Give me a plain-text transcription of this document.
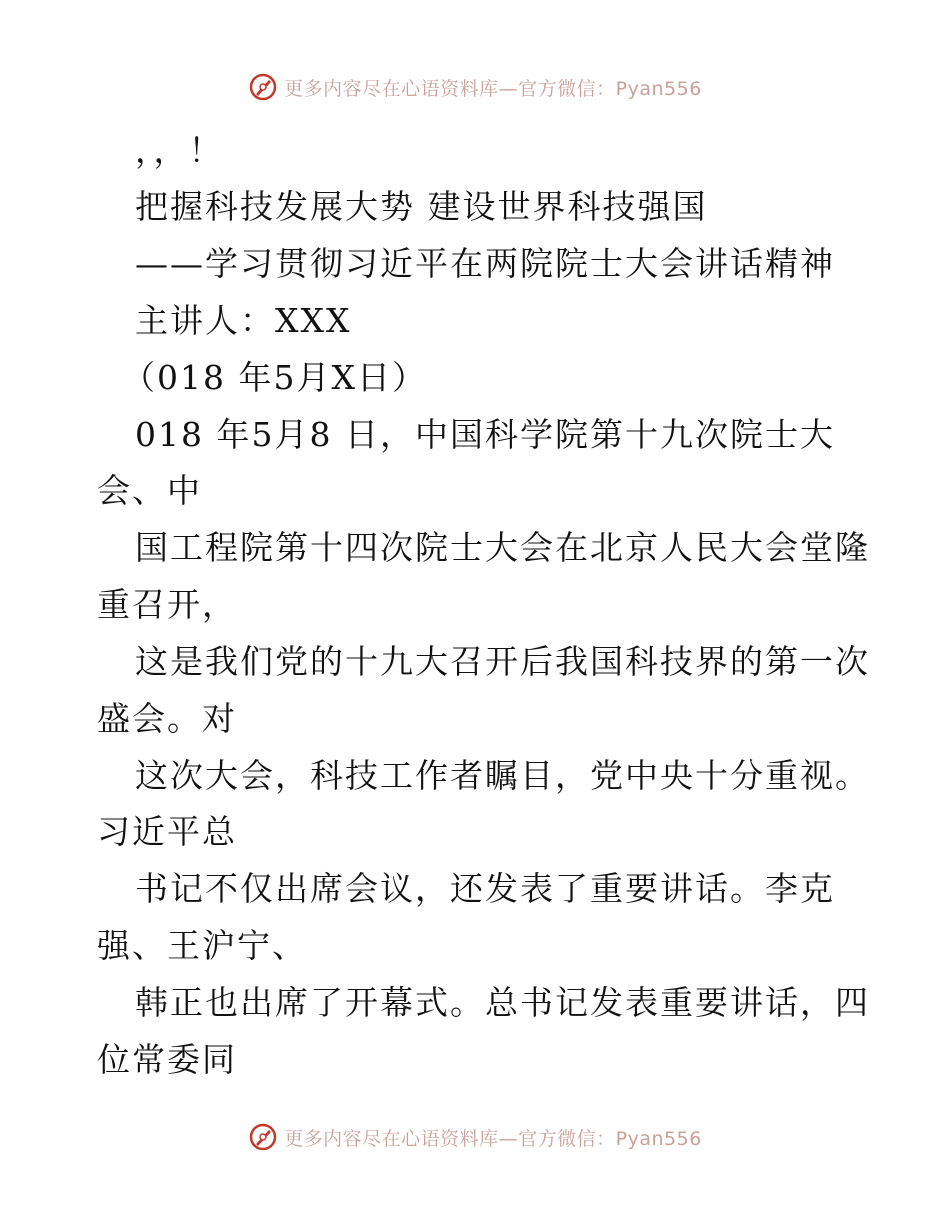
更多内容尽在心语资料库—官方微信：Pyan556
，，！
把握科技发展大势 建设世界科技强国
——学习贯彻习近平在两院院士大会讲话精神
主讲人：XXX
（018 年5月X日）
018 年5月8 日，中国科学院第十九次院士大
会、中
国工程院第十四次院士大会在北京人民大会堂隆
重召开，
这是我们党的十九大召开后我国科技界的第一次
盛会。对
这次大会，科技工作者瞩目，党中央十分重视。
习近平总
书记不仅出席会议，还发表了重要讲话。李克
强、王沪宁、
韩正也出席了开幕式。总书记发表重要讲话，四
位常委同
更多内容尽在心语资料库—官方微信：Pyan556
